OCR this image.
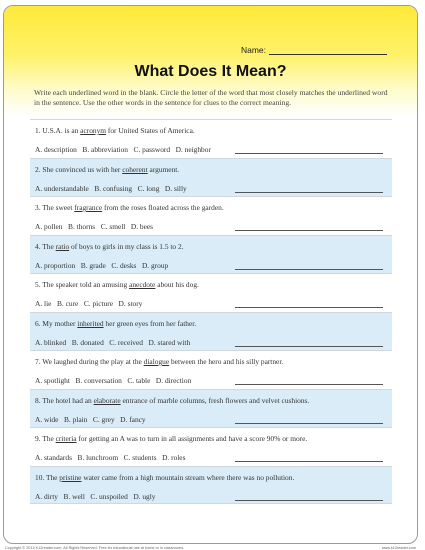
Name:
What Does It Mean?
Write each underlined word in the blank. Circle the letter of the word that most closely matches the underlined word in the sentence. Use the other words in the sentence for clues to the correct meaning.
1. U.S.A. is an acronym for United States of America.
A. description   B. abbreviation   C. password   D. neighbor
2. She convinced us with her coherent argument.
A. understandable   B. confusing   C. long   D. silly
3. The sweet fragrance from the roses floated across the garden.
A. pollen   B. thorns   C. smell   D. bees
4. The ratio of boys to girls in my class is 1.5 to 2.
A. proportion   B. grade   C. desks   D. group
5. The speaker told an amusing anecdote about his dog.
A. lie   B. cure   C. picture   D. story
6. My mother inherited her green eyes from her father.
A. blinked   B. donated   C. received   D. stared with
7. We laughed during the play at the dialogue between the hero and his silly partner.
A. spotlight   B. conversation   C. table   D. direction
8. The hotel had an elaborate entrance of marble columns, fresh flowers and velvet cushions.
A. wide   B. plain   C. grey   D. fancy
9. The criteria for getting an A was to turn in all assignments and have a score 90% or more.
A. standards   B. lunchroom   C. students   D. roles
10. The pristine water came from a high mountain stream where there was no pollution.
A. dirty   B. well   C. unspoiled   D. ugly
Copyright © 2013 K12reader.com. All Rights Reserved. Free for educational use at home or in classrooms.	www.k12reader.com
